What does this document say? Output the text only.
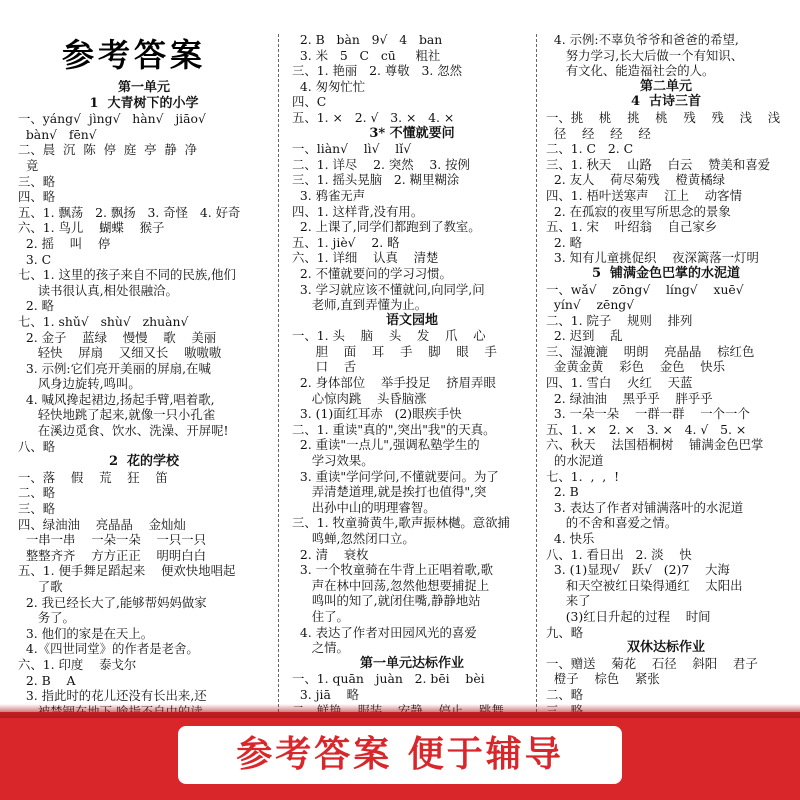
参考答案
第一单元
1  大青树下的小学
一、yáng√  jìng√   hàn√   jiāo√
bàn√   fēn√
二、晨  沉  陈  停  庭  亭  静  净
竟
三、略
四、略
五、1. 飘荡   2. 飘扬   3. 奇怪   4. 好奇
六、1. 鸟儿    蝴蝶    猴子
2. 摇    叫    停
3. C
七、1. 这里的孩子来自不同的民族,他们
读书很认真,相处很融洽。
2. 略
七、1. shǔ√   shù√   zhuàn√
2. 金子    蓝绿    慢慢    歌    美丽
轻快    屏扇    又细又长    嗷嗷嗷
3. 示例:它们亮开美丽的屏扇,在喊
风身边旋转,鸣叫。
4. 喊风搀起裙边,扬起手臂,唱着歌,
轻快地跳了起来,就像一只小孔雀
在溪边觅食、饮水、洗澡、开屏呢!
八、略
2  花的学校
一、落    假    荒    狂    笛
二、略
三、略
四、绿油油    亮晶晶    金灿灿
一串一串    一朵一朵    一只一只
整整齐齐    方方正正    明明白白
五、1. 便手舞足蹈起来    便欢快地唱起
了歌
2. 我已经长大了,能够帮妈妈做家
务了。
3. 他们的家是在天上。
4.《四世同堂》的作者是老舍。
六、1. 印度    泰戈尔
2. B    A
3. 指此时的花儿还没有长出来,还
2. B   bàn   9√   4   ban
3. 米   5   C   cū     粗社
三、1. 艳丽   2. 尊敬   3. 忽然
4. 匆匆忙忙
四、C
五、1. ×   2. √   3. ×   4. ×
3* 不懂就要问
一、liàn√    lì√    lǐ√
二、1. 详尽    2. 突然    3. 按例
三、1. 摇头晃脑   2. 糊里糊涂
3. 鸦雀无声
四、1. 这样背,没有用。
2. 上课了,同学们都跑到了教室。
五、1. jiè√    2. 略
六、1. 详细    认真    清楚
2. 不懂就要问的学习习惯。
3. 学习就应该不懂就问,向同学,问
老师,直到弄懂为止。
语文园地
一、1. 头    脑    头    发    爪    心
胆    面    耳    手    脚    眼    手
口    舌
2. 身体部位    举手投足    挤眉弄眼
心惊肉跳    头昏脑涨
3. (1)面红耳赤   (2)眼疾手快
二、1. 重读"真的",突出"我"的天真。
2. 重读"一点儿",强调私塾学生的
学习效果。
3. 重读"学问学问,不懂就要问。为了
弄清楚道理,就是挨打也值得",突
出孙中山的明理睿智。
三、1. 牧童骑黄牛,歌声振林樾。意欲捕
鸣蝉,忽然闭口立。
2. 清    衰枚
3. 一个牧童骑在牛背上正唱着歌,歌
声在林中回荡,忽然他想要捕捉上
鸣叫的知了,就闭住嘴,静静地站
住了。
4. 表达了作者对田园风光的喜爱
之情。
第一单元达标作业
一、1. quān   juàn   2. bēi    bèi
3. jiā    略
4. 示例:不辜负爷爷和爸爸的希望,
努力学习,长大后做一个有知识、
有文化、能造福社会的人。
第二单元
4  古诗三首
一、挑    桃    挑    桃    残    残    浅    浅
径    经    经    经
二、1. C   2. C
三、1. 秋天    山路    白云    赞美和喜爱
2. 友人    荷尽菊残    橙黄橘绿
四、1. 梧叶送寒声    江上    动客情
2. 在孤寂的夜里写所思念的景象
五、1. 宋    叶绍翁    自己家乡
2. 略
3. 知有儿童挑促织    夜深篱落一灯明
5  铺满金色巴掌的水泥道
一、wǎ√    zōng√    líng√    xuē√
yín√    zēng√
二、1. 院子    规则    排列
2. 迟到    乱
三、湿漉漉    明朗    亮晶晶    棕红色
金黄金黄    彩色    金色    快乐
四、1. 雪白    火红    天蓝
2. 绿油油    黑乎乎    胖乎乎
3. 一朵一朵    一群一群    一个一个
五、1. ×   2. ×   3. ×   4. √   5. ×
六、秋天    法国梧桐树    铺满金色巴掌
的水泥道
七、1.  ,  ,  !
2. B
3. 表达了作者对铺满落叶的水泥道
的不舍和喜爱之情。
4. 快乐
八、1. 看日出   2. 淡    快
3. (1)显现√   跃√   (2)7    大海
和天空被红日染得通红    太阳出
来了
(3)红日升起的过程    时间
九、略
双休达标作业
一、赠送    菊花    石径    斜阳    君子
橙子    棕色    紧张
二、略
参考答案 便于辅导
